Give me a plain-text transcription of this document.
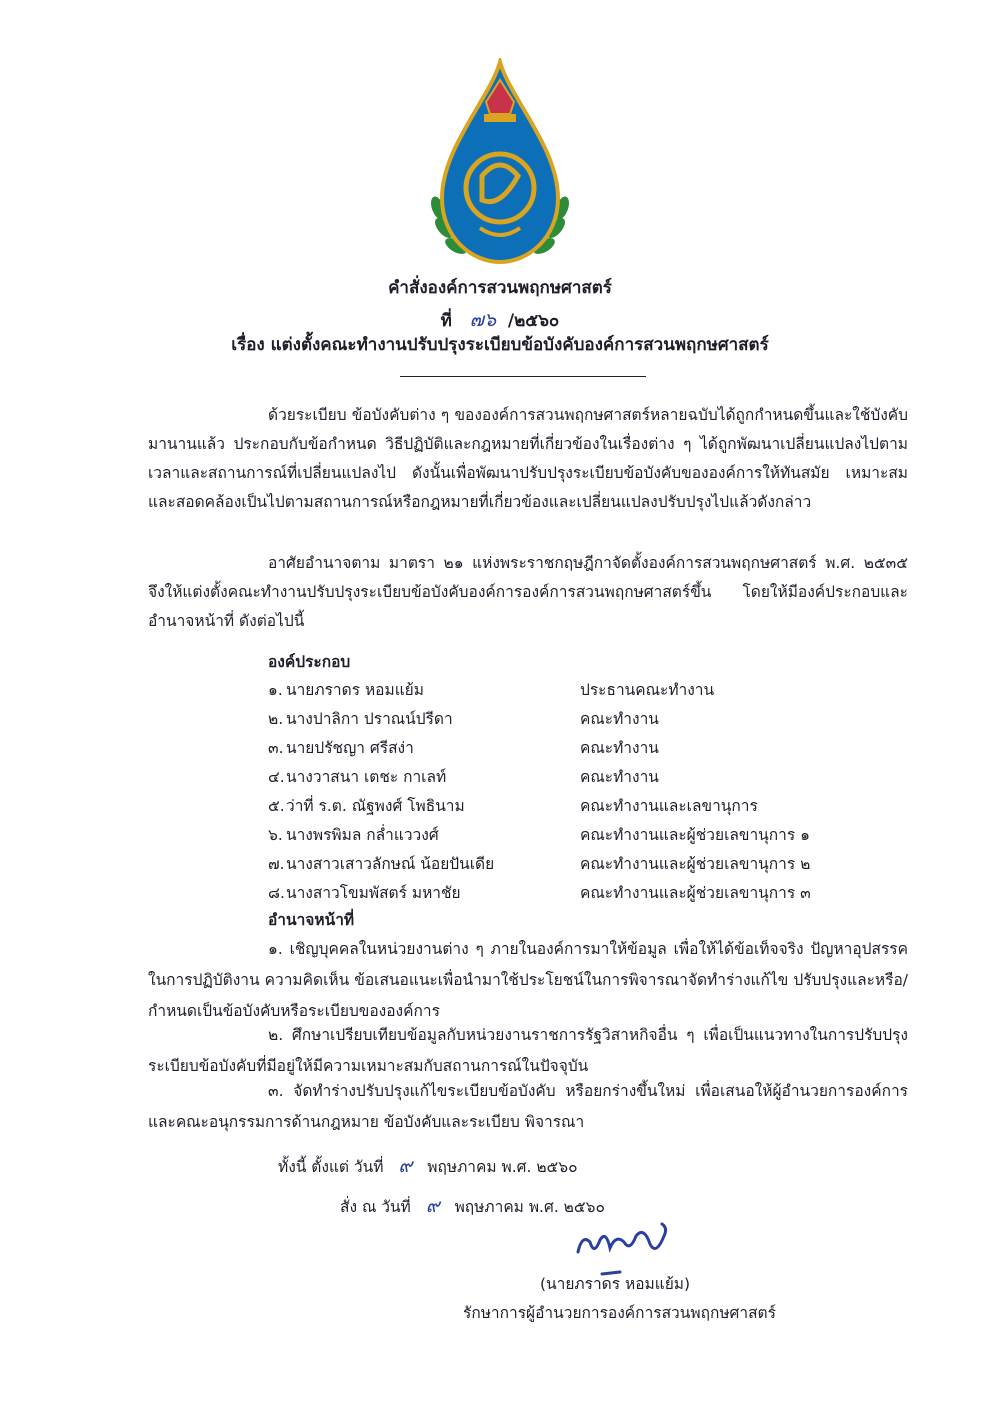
คำสั่งองค์การสวนพฤกษศาสตร์
ที่ ๗๖ /๒๕๖๐
เรื่อง แต่งตั้งคณะทำงานปรับปรุงระเบียบข้อบังคับองค์การสวนพฤกษศาสตร์
ด้วยระเบียบ ข้อบังคับต่าง ๆ ขององค์การสวนพฤกษศาสตร์หลายฉบับได้ถูกกำหนดขึ้นและใช้บังคับมานานแล้ว ประกอบกับข้อกำหนด วิธีปฏิบัติและกฎหมายที่เกี่ยวข้องในเรื่องต่าง ๆ ได้ถูกพัฒนาเปลี่ยนแปลงไปตามเวลาและสถานการณ์ที่เปลี่ยนแปลงไป ดังนั้นเพื่อพัฒนาปรับปรุงระเบียบข้อบังคับขององค์การให้ทันสมัย เหมาะสมและสอดคล้องเป็นไปตามสถานการณ์หรือกฎหมายที่เกี่ยวข้องและเปลี่ยนแปลงปรับปรุงไปแล้วดังกล่าว
อาศัยอำนาจตาม มาตรา ๒๑ แห่งพระราชกฤษฎีกาจัดตั้งองค์การสวนพฤกษศาสตร์ พ.ศ. ๒๕๓๕ จึงให้แต่งตั้งคณะทำงานปรับปรุงระเบียบข้อบังคับองค์การองค์การสวนพฤกษศาสตร์ขึ้น โดยให้มีองค์ประกอบและอำนาจหน้าที่ ดังต่อไปนี้
องค์ประกอบ
๑. นายภราดร หอมแย้ม	ประธานคณะทำงาน
๒. นางปาลิกา ปราณน์ปรีดา	คณะทำงาน
๓. นายปรัชญา ศรีสง่า	คณะทำงาน
๔. นางวาสนา เตชะ กาเลท์	คณะทำงาน
๕. ว่าที่ ร.ต. ณัฐพงศ์ โพธินาม	คณะทำงานและเลขานุการ
๖. นางพรพิมล กล่ำแววงศ์	คณะทำงานและผู้ช่วยเลขานุการ ๑
๗. นางสาวเสาวลักษณ์ น้อยปันเดีย	คณะทำงานและผู้ช่วยเลขานุการ ๒
๘. นางสาวโขมพัสตร์ มหาชัย	คณะทำงานและผู้ช่วยเลขานุการ ๓
อำนาจหน้าที่
๑. เชิญบุคคลในหน่วยงานต่าง ๆ ภายในองค์การมาให้ข้อมูล เพื่อให้ได้ข้อเท็จจริง ปัญหาอุปสรรคในการปฏิบัติงาน ความคิดเห็น ข้อเสนอแนะเพื่อนำมาใช้ประโยชน์ในการพิจารณาจัดทำร่างแก้ไข ปรับปรุงและหรือ/กำหนดเป็นข้อบังคับหรือระเบียบขององค์การ
๒. ศึกษาเปรียบเทียบข้อมูลกับหน่วยงานราชการรัฐวิสาหกิจอื่น ๆ เพื่อเป็นแนวทางในการปรับปรุงระเบียบข้อบังคับที่มีอยู่ให้มีความเหมาะสมกับสถานการณ์ในปัจจุบัน
๓. จัดทำร่างปรับปรุงแก้ไขระเบียบข้อบังคับ หรือยกร่างขึ้นใหม่ เพื่อเสนอให้ผู้อำนวยการองค์การและคณะอนุกรรมการด้านกฎหมาย ข้อบังคับและระเบียบ พิจารณา
ทั้งนี้ ตั้งแต่ วันที่ ๙ พฤษภาคม พ.ศ. ๒๕๖๐
สั่ง ณ วันที่ ๙ พฤษภาคม พ.ศ. ๒๕๖๐
(นายภราดร หอมแย้ม)
รักษาการผู้อำนวยการองค์การสวนพฤกษศาสตร์
